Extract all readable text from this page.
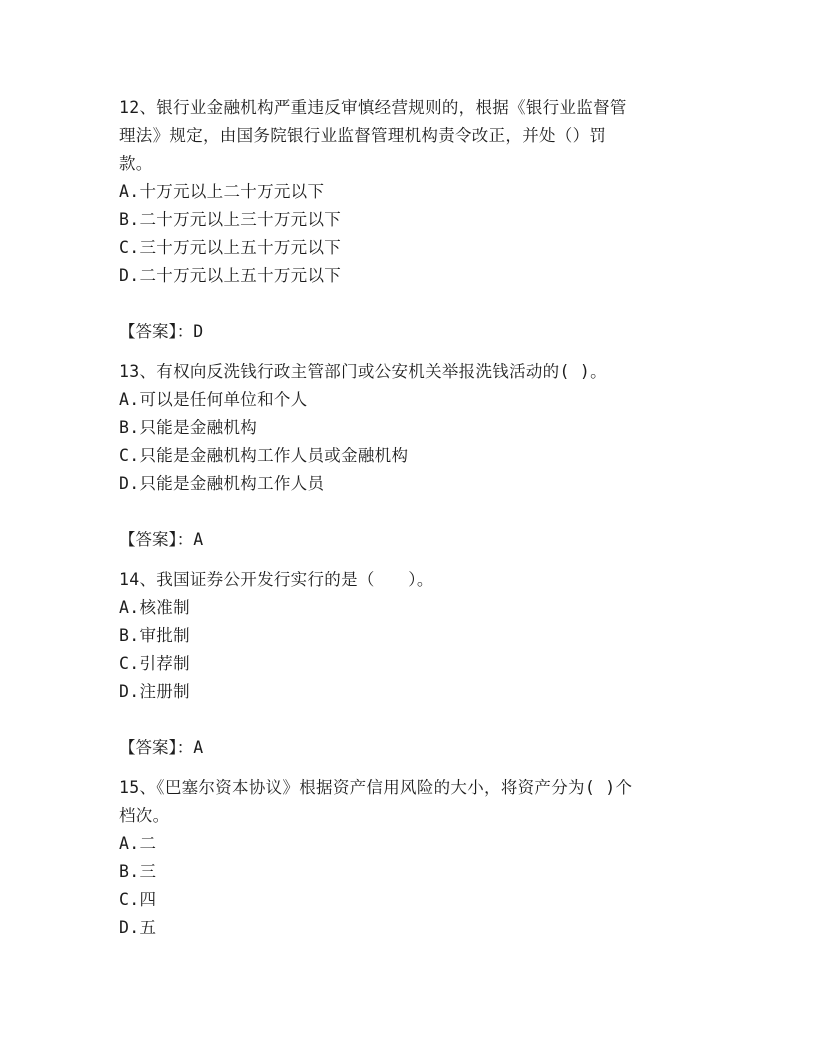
12、银行业金融机构严重违反审慎经营规则的，根据《银行业监督管
理法》规定，由国务院银行业监督管理机构责令改正，并处（）罚
款。
A.十万元以上二十万元以下
B.二十万元以上三十万元以下
C.三十万元以上五十万元以下
D.二十万元以上五十万元以下
【答案】：D
13、有权向反洗钱行政主管部门或公安机关举报洗钱活动的( )。
A.可以是任何单位和个人
B.只能是金融机构
C.只能是金融机构工作人员或金融机构
D.只能是金融机构工作人员
【答案】：A
14、我国证券公开发行实行的是（　　）。
A.核准制
B.审批制
C.引荐制
D.注册制
【答案】：A
15、《巴塞尔资本协议》根据资产信用风险的大小，将资产分为( )个
档次。
A.二
B.三
C.四
D.五
